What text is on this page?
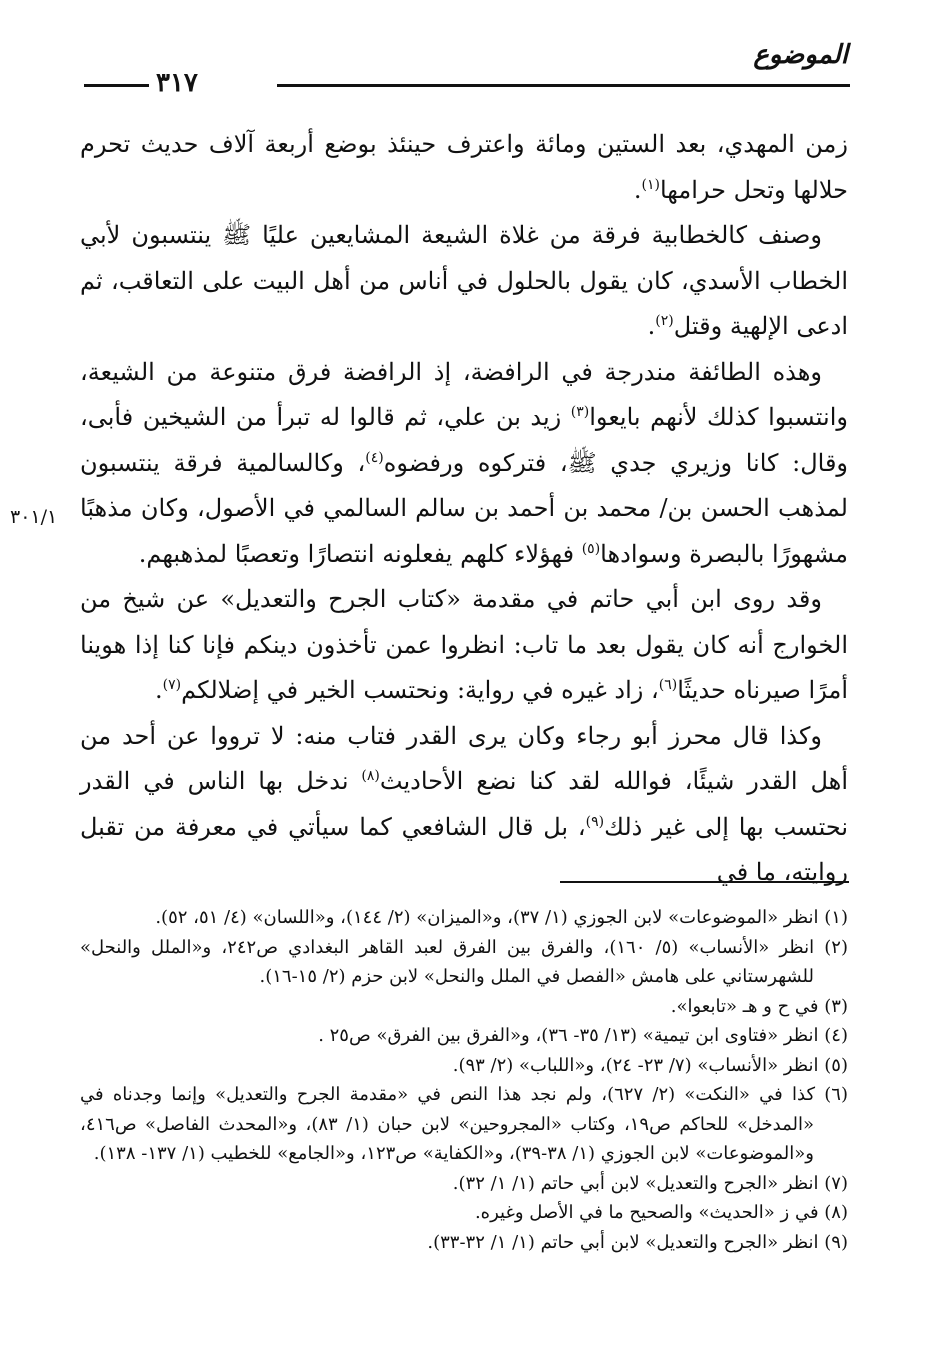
الموضوع
٣١٧
٣٠١/١

زمن المهدي، بعد الستين ومائة واعترف حينئذ بوضع أربعة آلاف حديث تحرم حلالها وتحل حرامها$^{(١)}$.

وصنف كالخطابية فرقة من غلاة الشيعة المشايعين عليًا ﷺ ينتسبون لأبي الخطاب الأسدي، كان يقول بالحلول في أناس من أهل البيت على التعاقب، ثم ادعى الإلهية وقتل$^{(٢)}$.

وهذه الطائفة مندرجة في الرافضة، إذ الرافضة فرق متنوعة من الشيعة، وانتسبوا كذلك لأنهم بايعوا$^{(٣)}$ زيد بن علي، ثم قالوا له تبرأ من الشيخين فأبى، وقال: كانا وزيري جدي ﷺ، فتركوه ورفضوه$^{(٤)}$، وكالسالمية فرقة ينتسبون لمذهب الحسن بن/ محمد بن أحمد بن سالم السالمي في الأصول، وكان مذهبًا مشهورًا بالبصرة وسوادها$^{(٥)}$ فهؤلاء كلهم يفعلونه انتصارًا وتعصبًا لمذهبهم.

وقد روى ابن أبي حاتم في مقدمة «كتاب الجرح والتعديل» عن شيخ من الخوارج أنه كان يقول بعد ما تاب: انظروا عمن تأخذون دينكم فإنا كنا إذا هوينا أمرًا صيرناه حديثًا$^{(٦)}$، زاد غيره في رواية: ونحتسب الخير في إضلالكم$^{(٧)}$.

وكذا قال محرز أبو رجاء وكان يرى القدر فتاب منه: لا ترووا عن أحد من أهل القدر شيئًا، فوالله لقد كنا نضع الأحاديث$^{(٨)}$ ندخل بها الناس في القدر نحتسب بها إلى غير ذلك$^{(٩)}$، بل قال الشافعي كما سيأتي في معرفة من تقبل روايته، ما في

(١) انظر «الموضوعات» لابن الجوزي (١/ ٣٧)، و«الميزان» (٢/ ١٤٤)، و«اللسان» (٤/ ٥١، ٥٢).

(٢) انظر «الأنساب» (٥/ ١٦٠)، والفرق بين الفرق لعبد القاهر البغدادي ص٢٤٢، و«الملل والنحل» للشهرستاني على هامش «الفصل في الملل والنحل» لابن حزم (٢/ ١٥-١٦).

(٣) في ح و هـ «تابعوا».

(٤) انظر «فتاوى ابن تيمية» (١٣/ ٣٥- ٣٦)، و«الفرق بين الفرق» ص٢٥ .

(٥) انظر «الأنساب» (٧/ ٢٣- ٢٤)، و«اللباب» (٢/ ٩٣).

(٦) كذا في «النكت» (٢/ ٦٢٧)، ولم نجد هذا النص في «مقدمة الجرح والتعديل» وإنما وجدناه في «المدخل» للحاكم ص١٩، وكتاب «المجروحين» لابن حبان (١/ ٨٣)، و«المحدث الفاصل» ص٤١٦، و«الموضوعات» لابن الجوزي (١/ ٣٨-٣٩)، و«الكفاية» ص١٢٣، و«الجامع» للخطيب (١/ ١٣٧- ١٣٨).

(٧) انظر «الجرح والتعديل» لابن أبي حاتم (١/ ١/ ٣٢).

(٨) في ز «الحديث» والصحيح ما في الأصل وغيره.

(٩) انظر «الجرح والتعديل» لابن أبي حاتم (١/ ١/ ٣٢-٣٣).
